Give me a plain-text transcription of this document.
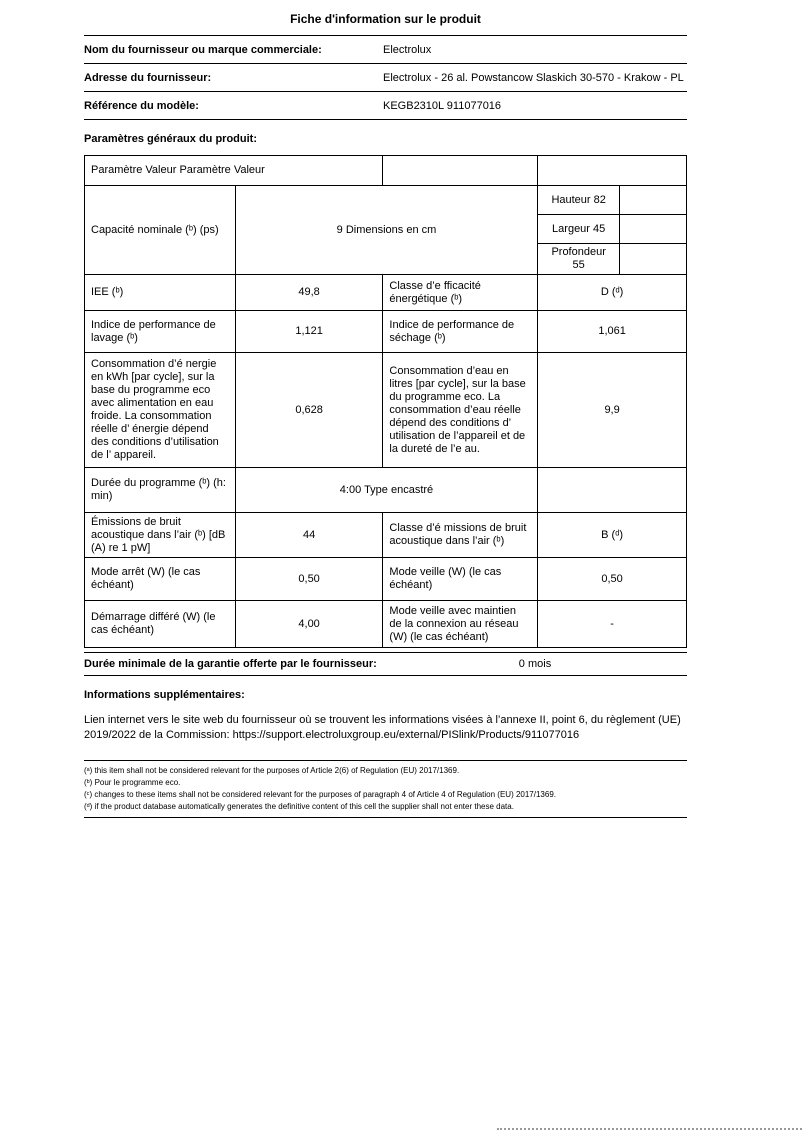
Fiche d'information sur le produit
Nom du fournisseur ou marque commerciale:	Electrolux
Adresse du fournisseur:	Electrolux - 26 al. Powstancow Slaskich 30-570 - Krakow - PL
Référence du modèle:	KEGB2310L 911077016

Paramètres généraux du produit:

Paramètre Valeur Paramètre Valeur				
Capacité nominale (ᵇ) (ps)	9 Dimensions en cm		Hauteur 82	
			Largeur 45	
			Profondeur 55	
IEE (ᵇ)	49,8	Classe d’e fficacité énergétique (ᵇ)	D (ᵈ)	
Indice de performance de lavage (ᵇ)	1,121	Indice de performance de séchage (ᵇ)	1,061	
Consommation d’é nergie en kWh [par cycle], sur la base du programme eco avec alimentation en eau froide. La consommation réelle d’ énergie dépend des conditions d’utilisation de l’ appareil.	0,628	Consommation d’eau en litres [par cycle], sur la base du programme eco. La consommation d’eau réelle dépend des conditions d’ utilisation de l’appareil et de la dureté de l’e au.	9,9	
Durée du programme (ᵇ) (h: min)	4:00 Type encastré			
Émissions de bruit acoustique dans l’air (ᵇ) [dB (A) re 1 pW]	44	Classe d’é missions de bruit acoustique dans l’air (ᵇ)	B (ᵈ)	
Mode arrêt (W) (le cas échéant)	0,50	Mode veille (W) (le cas échéant)	0,50	
Démarrage différé (W) (le cas échéant)	4,00	Mode veille avec maintien de la connexion au réseau (W) (le cas échéant)	-	
Durée minimale de la garantie offerte par le fournisseur:	0 mois

Informations supplémentaires:

Lien internet vers le site web du fournisseur où se trouvent les informations visées à l’annexe II, point 6, du règlement (UE) 2019/2022 de la Commission: https://support.electroluxgroup.eu/external/PISlink/Products/911077016

(ᵃ) this item shall not be considered relevant for the purposes of Article 2(6) of Regulation (EU) 2017/1369.

(ᵇ) Pour le programme eco.

(ᶜ) changes to these items shall not be considered relevant for the purposes of paragraph 4 of Article 4 of Regulation (EU) 2017/1369.

(ᵈ) if the product database automatically generates the definitive content of this cell the supplier shall not enter these data.
